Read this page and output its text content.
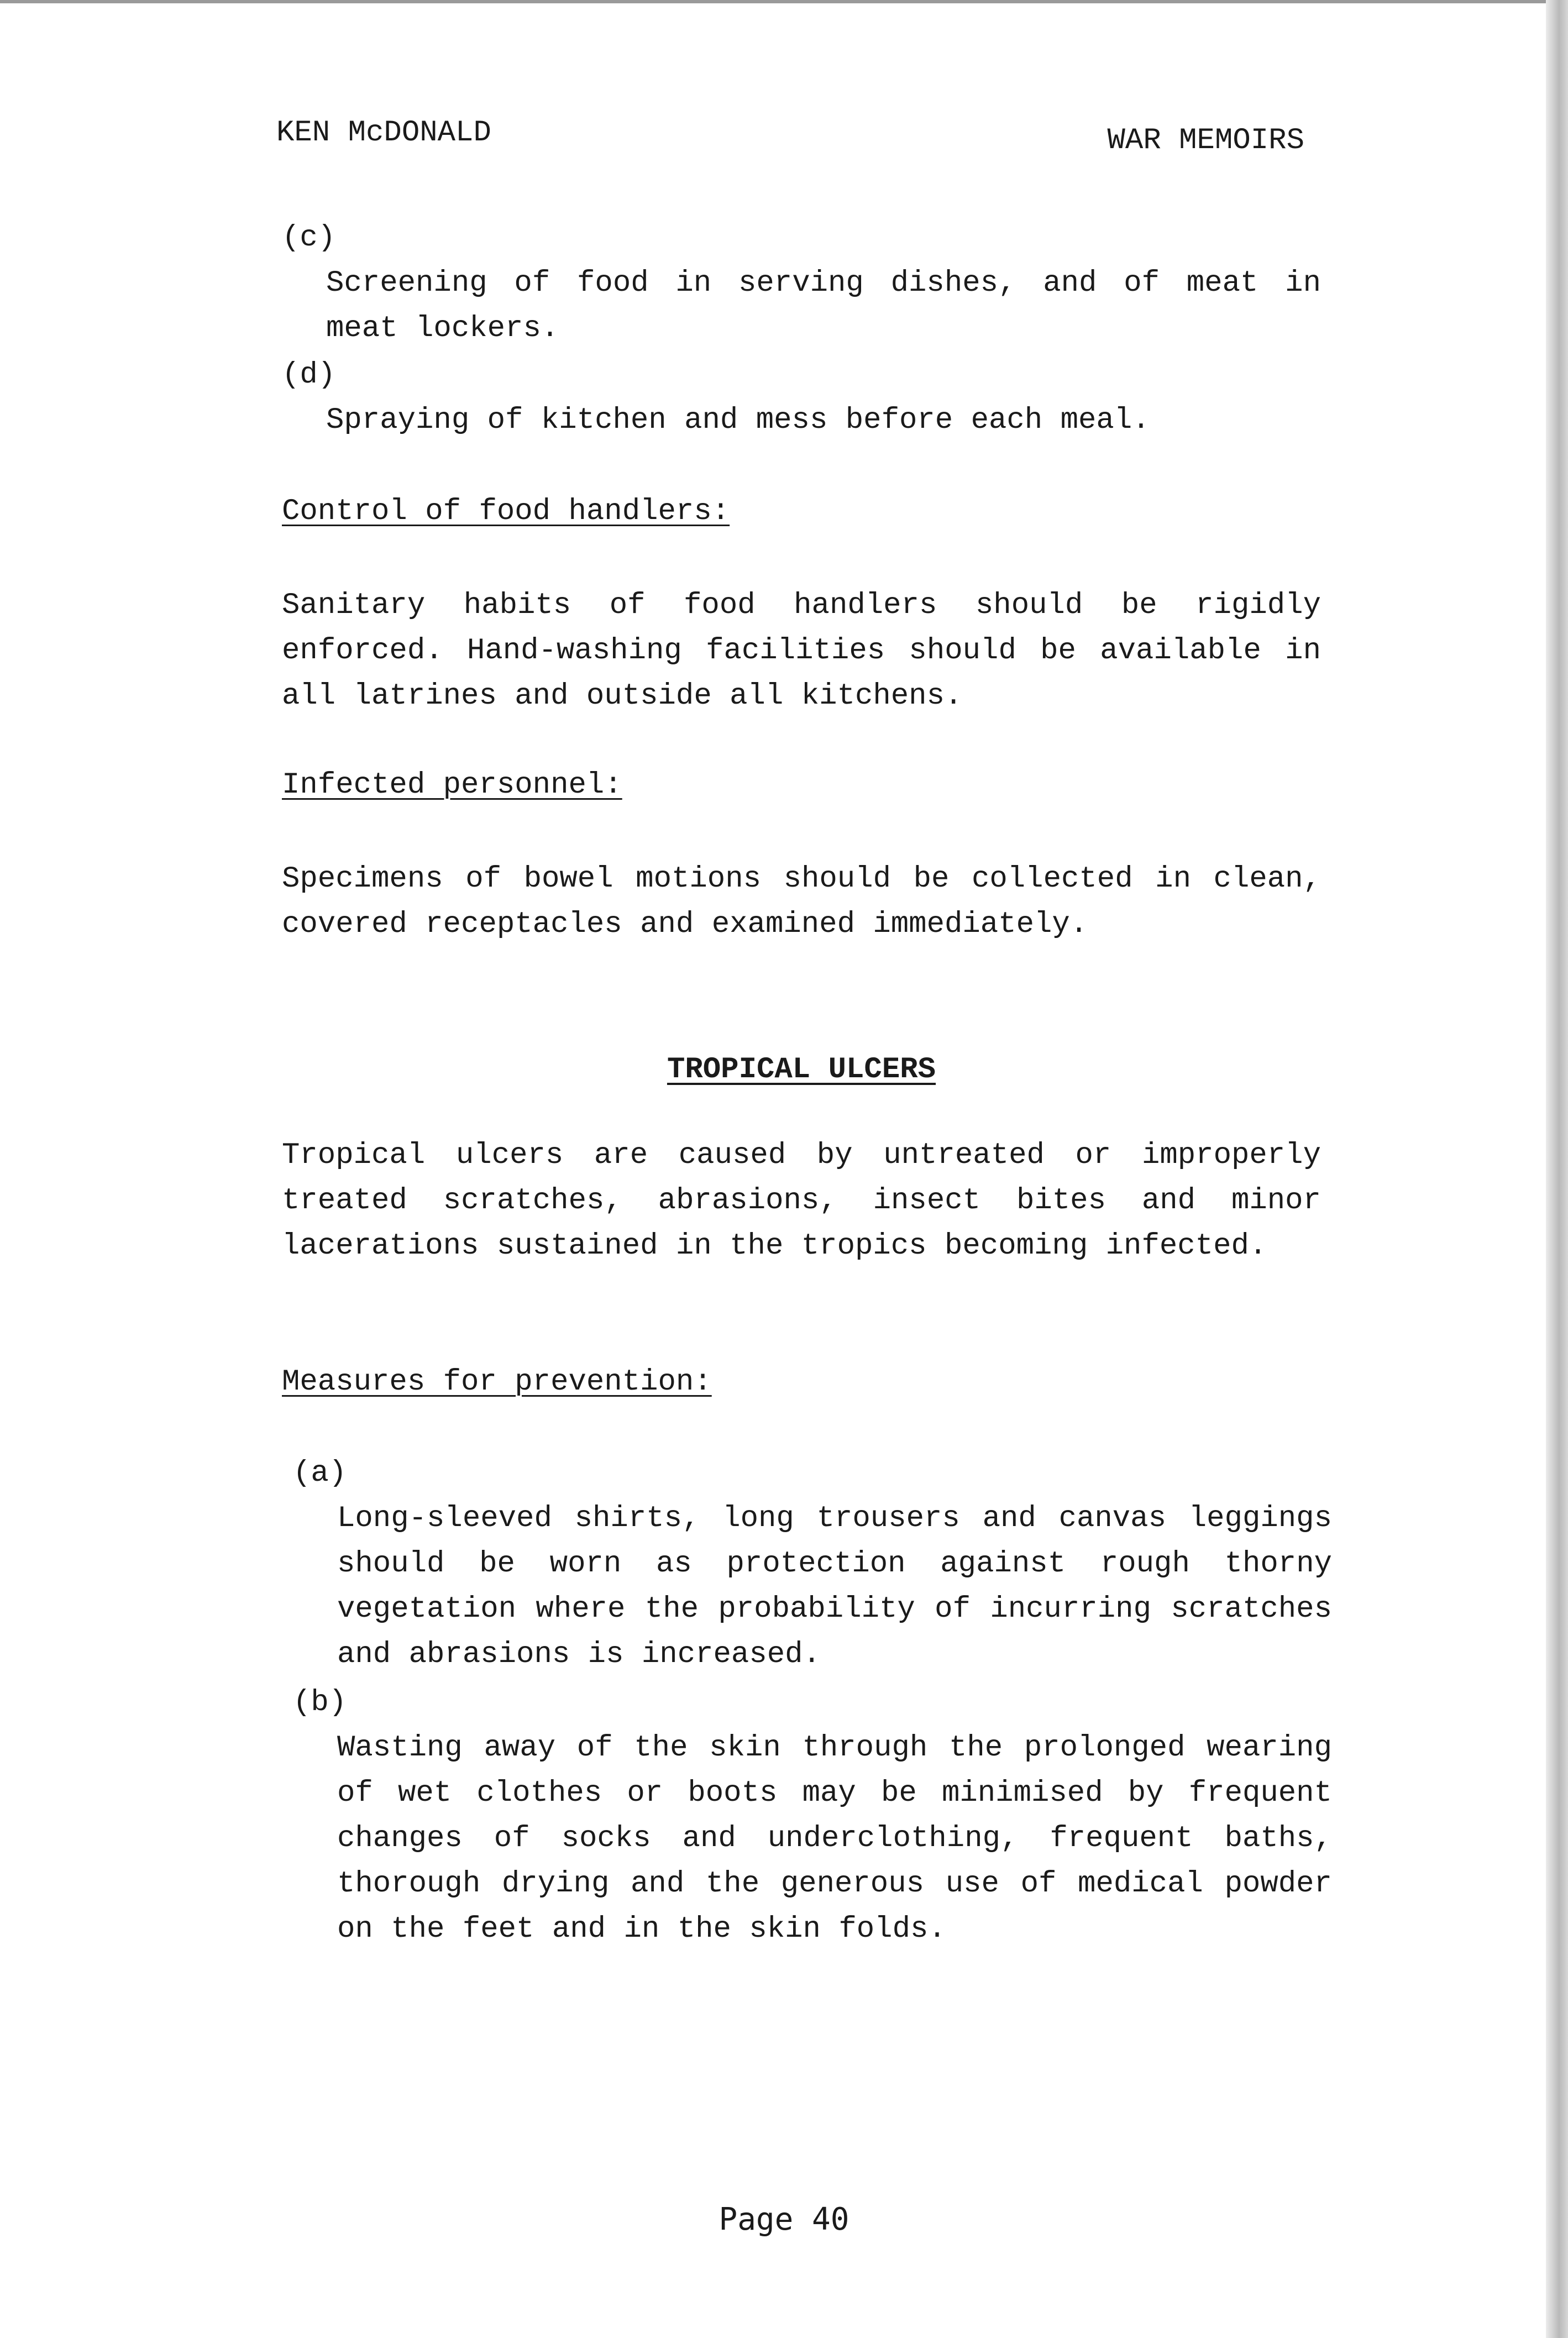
KEN McDONALD	WAR MEMOIRS
(c)
Screening of food in serving dishes, and of meat in meat lockers.
(d)
Spraying of kitchen and mess before each meal.
Control of food handlers:
Sanitary habits of food handlers should be rigidly enforced. Hand-washing facilities should be available in all latrines and outside all kitchens.
Infected personnel:
Specimens of bowel motions should be collected in clean, covered receptacles and examined immediately.
TROPICAL ULCERS
Tropical ulcers are caused by untreated or improperly treated scratches, abrasions, insect bites and minor lacerations sustained in the tropics becoming infected.
Measures for prevention:
(a)
Long-sleeved shirts, long trousers and canvas leggings should be worn as protection against rough thorny vegetation where the probability of incurring scratches and abrasions is increased.
(b)
Wasting away of the skin through the prolonged wearing of wet clothes or boots may be minimised by frequent changes of socks and underclothing, frequent baths, thorough drying and the generous use of medical powder on the feet and in the skin folds.
Page 40
